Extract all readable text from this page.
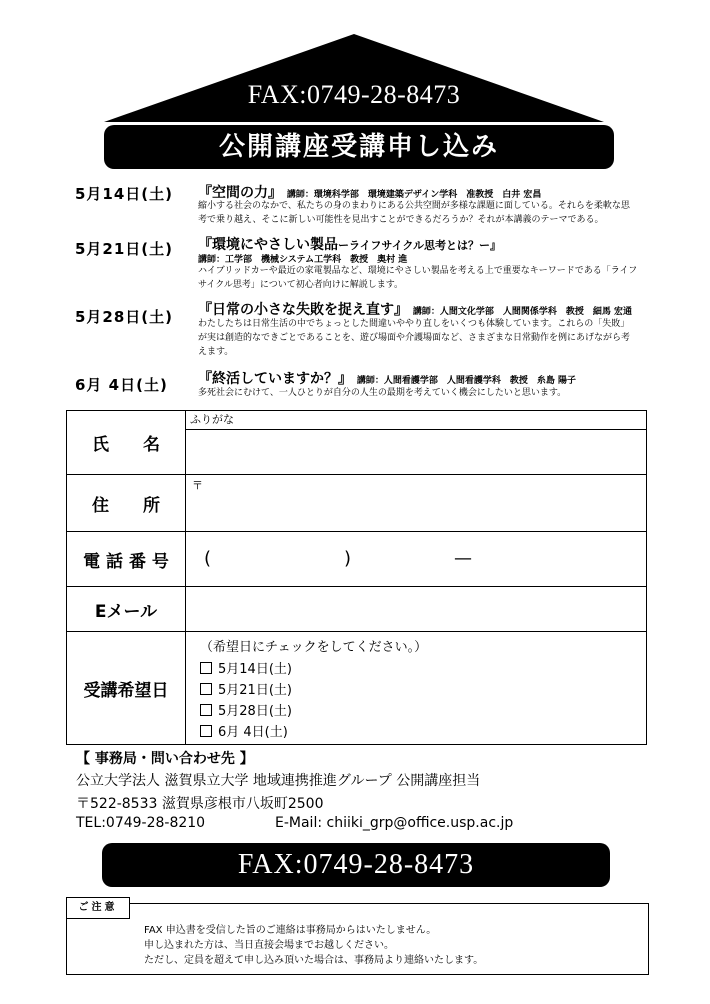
FAX:0749-28-8473
公開講座受講申し込み
5月14日(土) 『空間の力』 講師：環境科学部　環境建築デザイン学科　准教授　白井 宏昌
縮小する社会のなかで、私たちの身のまわりにある公共空間が多様な課題に面している。それらを柔軟な思考で乗り越え、そこに新しい可能性を見出すことができるだろうか？それが本講義のテーマである。
5月21日(土) 『環境にやさしい製品ーライフサイクル思考とは？ー』
講師：工学部　機械システム工学科　教授　奥村 進
ハイブリッドカーや最近の家電製品など、環境にやさしい製品を考える上で重要なキーワードである「ライフサイクル思考」について初心者向けに解説します。
5月28日(土) 『日常の小さな失敗を捉え直す』 講師：人間文化学部　人間関係学科　教授　細馬 宏通
わたしたちは日常生活の中でちょっとした間違いややり直しをいくつも体験しています。これらの「失敗」が実は創造的なできごとであることを、遊び場面や介護場面など、さまざまな日常動作を例にあげながら考えます。
6月 4日(土) 『終活していますか？』 講師：人間看護学部　人間看護学科　教授　糸島 陽子
多死社会にむけて、一人ひとりが自分の人生の最期を考えていく機会にしたいと思います。
氏　　名	ふりがな

住　　所	〒

電 話 番 号	( ) —

Eメール	
受講希望日	（希望日にチェックをしてください。）
5月14日(土)
5月21日(土)
5月28日(土)
6月 4日(土)
【 事務局・問い合わせ先 】
公立大学法人 滋賀県立大学 地域連携推進グループ 公開講座担当
〒522-8533 滋賀県彦根市八坂町2500
TEL:0749-28-8210	E-Mail: chiiki_grp@office.usp.ac.jp
FAX:0749-28-8473
ご注意
FAX 申込書を受信した旨のご連絡は事務局からはいたしません。
申し込まれた方は、当日直接会場までお越しください。
ただし、定員を超えて申し込み頂いた場合は、事務局より連絡いたします。
